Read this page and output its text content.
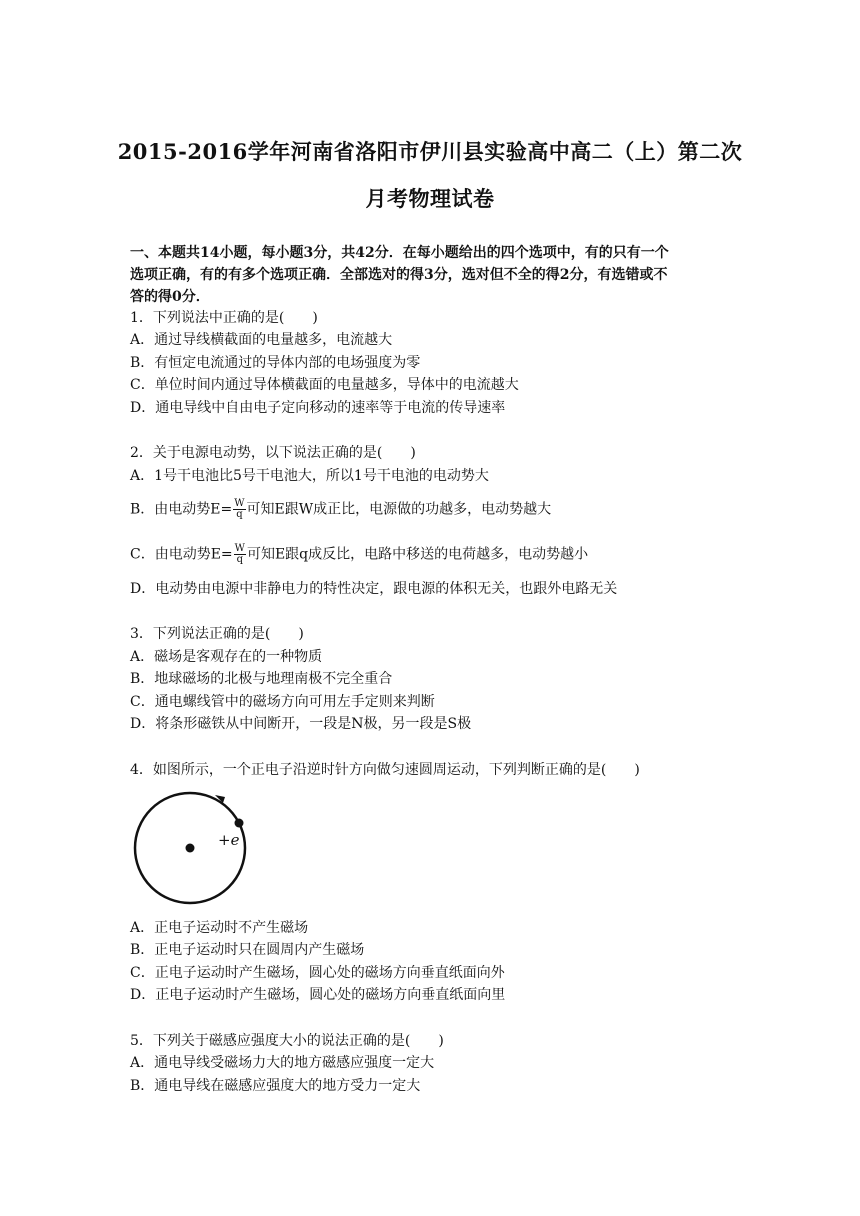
2015-2016学年河南省洛阳市伊川县实验高中高二（上）第二次
月考物理试卷
一、本题共14小题，每小题3分，共42分．在每小题给出的四个选项中，有的只有一个
选项正确，有的有多个选项正确．全部选对的得3分，选对但不全的得2分，有选错或不
答的得0分．
1．下列说法中正确的是(　　)
A．通过导线横截面的电量越多，电流越大
B．有恒定电流通过的导体内部的电场强度为零
C．单位时间内通过导体横截面的电量越多，导体中的电流越大
D．通电导线中自由电子定向移动的速率等于电流的传导速率
2．关于电源电动势，以下说法正确的是(　　)
A．1号干电池比5号干电池大，所以1号干电池的电动势大
B．由电动势$E= \frac{W}{q}$ 可知E跟W成正比，电源做的功越多，电动势越大
C．由电动势$E= \frac{W}{q}$ 可知E跟q成反比，电路中移送的电荷越多，电动势越小
D．电动势由电源中非静电力的特性决定，跟电源的体积无关，也跟外电路无关
3．下列说法正确的是(　　)
A．磁场是客观存在的一种物质
B．地球磁场的北极与地理南极不完全重合
C．通电螺线管中的磁场方向可用左手定则来判断
D．将条形磁铁从中间断开，一段是N极，另一段是S极
4．如图所示，一个正电子沿逆时针方向做匀速圆周运动，下列判断正确的是(　　)
+e
A．正电子运动时不产生磁场
B．正电子运动时只在圆周内产生磁场
C．正电子运动时产生磁场，圆心处的磁场方向垂直纸面向外
D．正电子运动时产生磁场，圆心处的磁场方向垂直纸面向里
5．下列关于磁感应强度大小的说法正确的是(　　)
A．通电导线受磁场力大的地方磁感应强度一定大
B．通电导线在磁感应强度大的地方受力一定大
